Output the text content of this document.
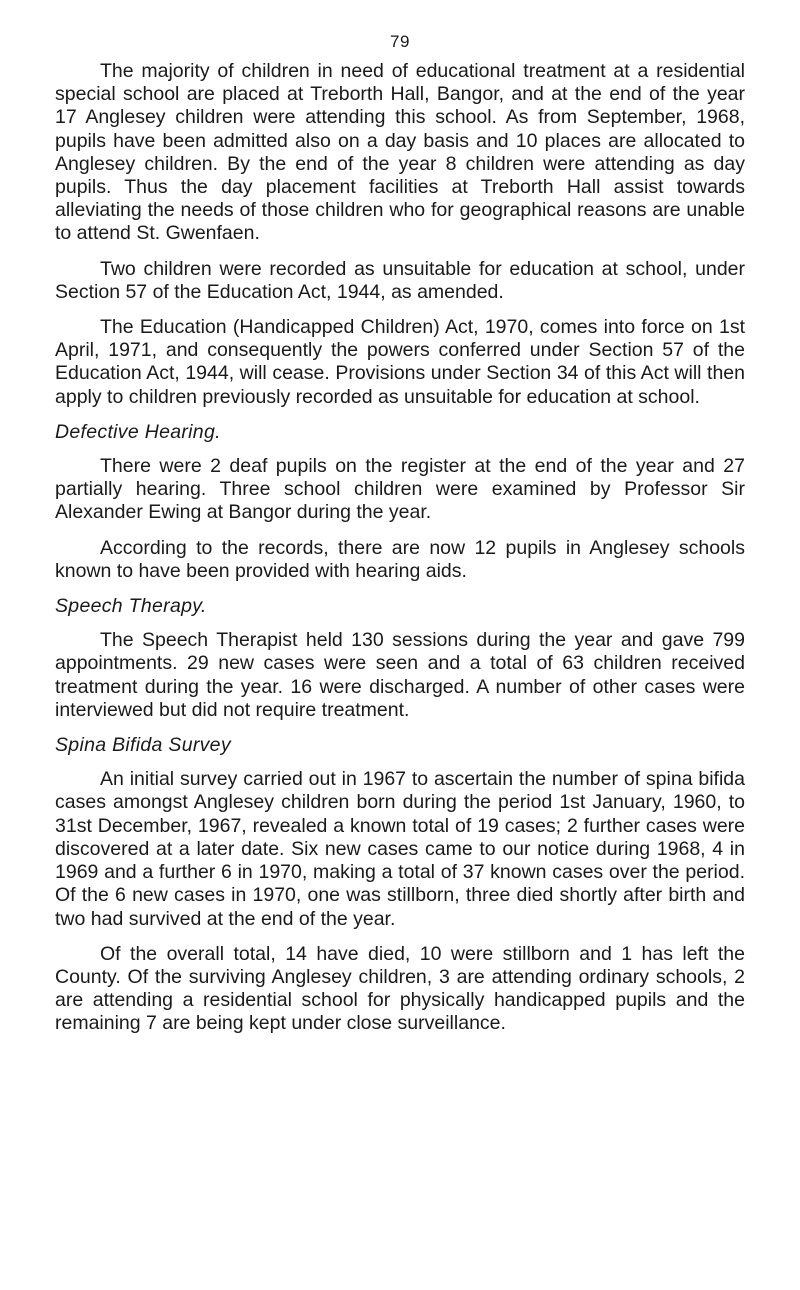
79

The majority of children in need of educational treatment at a residential special school are placed at Treborth Hall, Bangor, and at the end of the year 17 Anglesey children were attending this school. As from September, 1968, pupils have been admitted also on a day basis and 10 places are allocated to Anglesey children. By the end of the year 8 children were attending as day pupils. Thus the day placement facilities at Treborth Hall assist towards alleviating the needs of those children who for geographical reasons are unable to attend St. Gwenfaen.

Two children were recorded as unsuitable for education at school, under Section 57 of the Education Act, 1944, as amended.

The Education (Handicapped Children) Act, 1970, comes into force on 1st April, 1971, and consequently the powers conferred under Section 57 of the Education Act, 1944, will cease. Provisions under Section 34 of this Act will then apply to children previously recorded as unsuitable for education at school.

Defective Hearing.

There were 2 deaf pupils on the register at the end of the year and 27 partially hearing. Three school children were examined by Professor Sir Alexander Ewing at Bangor during the year.

According to the records, there are now 12 pupils in Anglesey schools known to have been provided with hearing aids.

Speech Therapy.

The Speech Therapist held 130 sessions during the year and gave 799 appointments. 29 new cases were seen and a total of 63 children received treatment during the year. 16 were discharged. A number of other cases were interviewed but did not require treatment.

Spina Bifida Survey

An initial survey carried out in 1967 to ascertain the number of spina bifida cases amongst Anglesey children born during the period 1st January, 1960, to 31st December, 1967, revealed a known total of 19 cases; 2 further cases were discovered at a later date. Six new cases came to our notice during 1968, 4 in 1969 and a further 6 in 1970, making a total of 37 known cases over the period. Of the 6 new cases in 1970, one was stillborn, three died shortly after birth and two had survived at the end of the year.

Of the overall total, 14 have died, 10 were stillborn and 1 has left the County. Of the surviving Anglesey children, 3 are attending ordinary schools, 2 are attending a residential school for physically handicapped pupils and the remaining 7 are being kept under close surveillance.
